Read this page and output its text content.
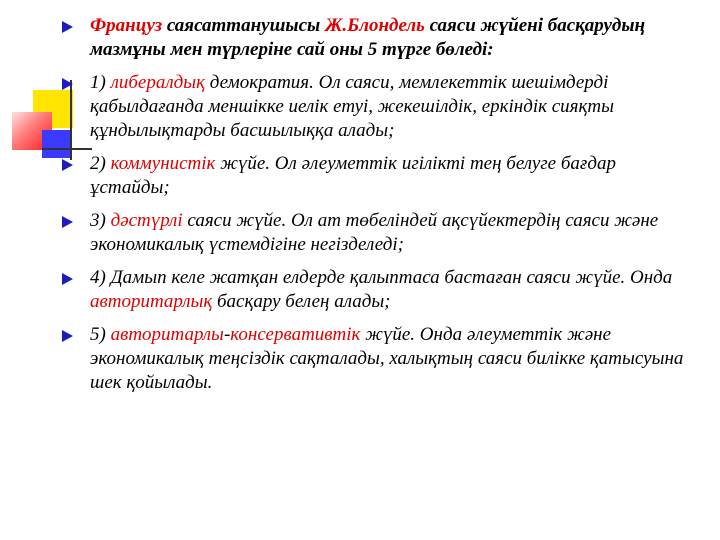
Француз саясаттанушысы Ж.Блондель саяси жүйені басқарудың мазмұны мен түрлеріне сай оны 5 түрге бөледі:
1) либералдық демократия. Ол саяси, мемлекеттік шешімдерді қабылдағанда меншікке иелік етуі, жекешілдік, еркіндік сияқты құндылықтарды басшылыққа алады;
2) коммунистік жүйе. Ол әлеуметтік игілікті тең белуге бағдар ұстайды;
3) дәстүрлі саяси жүйе. Ол ат төбеліндей ақсүйектердің саяси және экономикалық үстемдігіне негізделеді;
4) Дамып келе жатқан елдерде қалыптаса бастаған саяси жүйе. Онда авторитарлық басқару белең алады;
5) авторитарлы-консервативтік жүйе. Онда әлеуметтік және экономикалық теңсіздік сақталады, халықтың саяси билікке қатысуына шек қойылады.
